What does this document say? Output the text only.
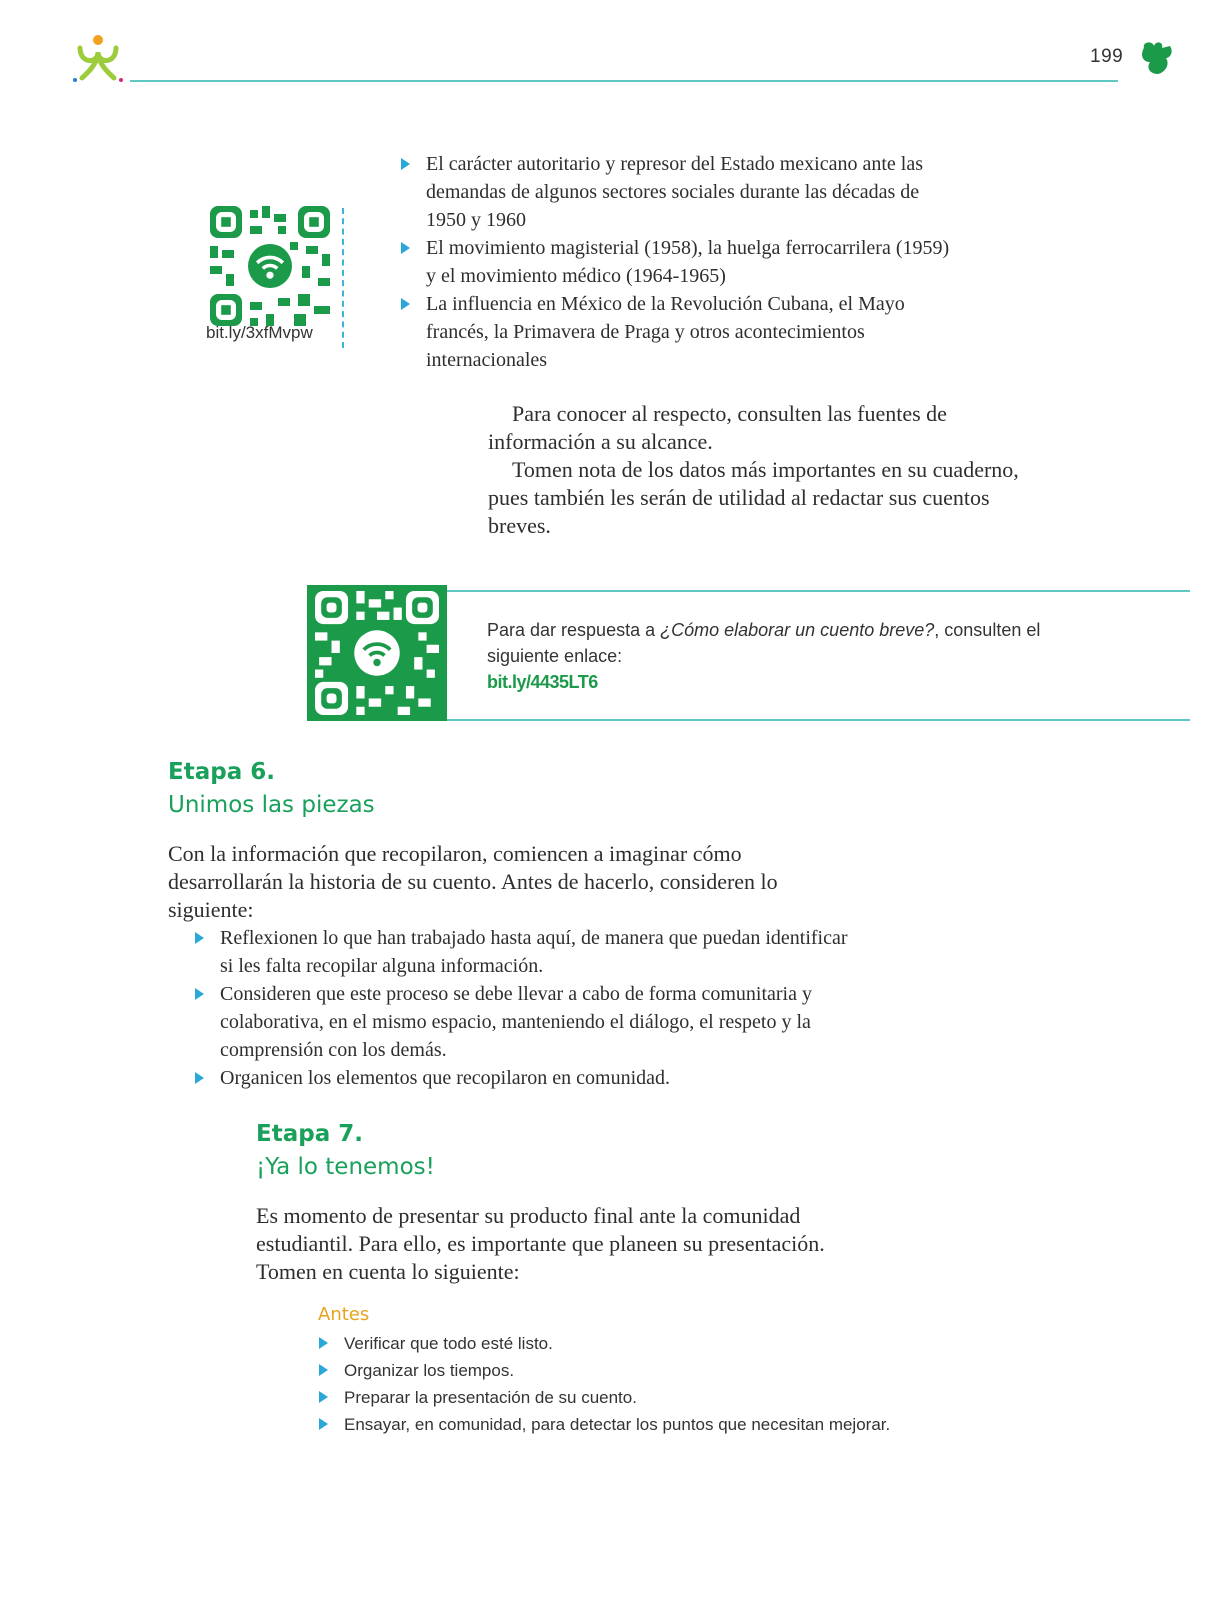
199
bit.ly/3xfMvpw
El carácter autoritario y represor del Estado mexicano ante las demandas de algunos sectores sociales durante las décadas de 1950 y 1960
El movimiento magisterial (1958), la huelga ferrocarrilera (1959) y el movimiento médico (1964-1965)
La influencia en México de la Revolución Cubana, el Mayo francés, la Primavera de Praga y otros acontecimientos internacionales

Para conocer al respecto, consulten las fuentes de información a su alcance.

Tomen nota de los datos más importantes en su cuaderno, pues también les serán de utilidad al redactar sus cuentos breves.

Para dar respuesta a ¿Cómo elaborar un cuento breve?, consulten el siguiente enlace:
bit.ly/4435LT6
Etapa 6.
Unimos las piezas

Con la información que recopilaron, comiencen a imaginar cómo desarrollarán la historia de su cuento. Antes de hacerlo, consideren lo siguiente:

Reflexionen lo que han trabajado hasta aquí, de manera que puedan identificar si les falta recopilar alguna información.
Consideren que este proceso se debe llevar a cabo de forma comunitaria y colaborativa, en el mismo espacio, manteniendo el diálogo, el respeto y la comprensión con los demás.
Organicen los elementos que recopilaron en comunidad.
Etapa 7.
¡Ya lo tenemos!

Es momento de presentar su producto final ante la comunidad estudiantil. Para ello, es importante que planeen su presentación. Tomen en cuenta lo siguiente:

Antes
Verificar que todo esté listo.
Organizar los tiempos.
Preparar la presentación de su cuento.
Ensayar, en comunidad, para detectar los puntos que necesitan mejorar.
